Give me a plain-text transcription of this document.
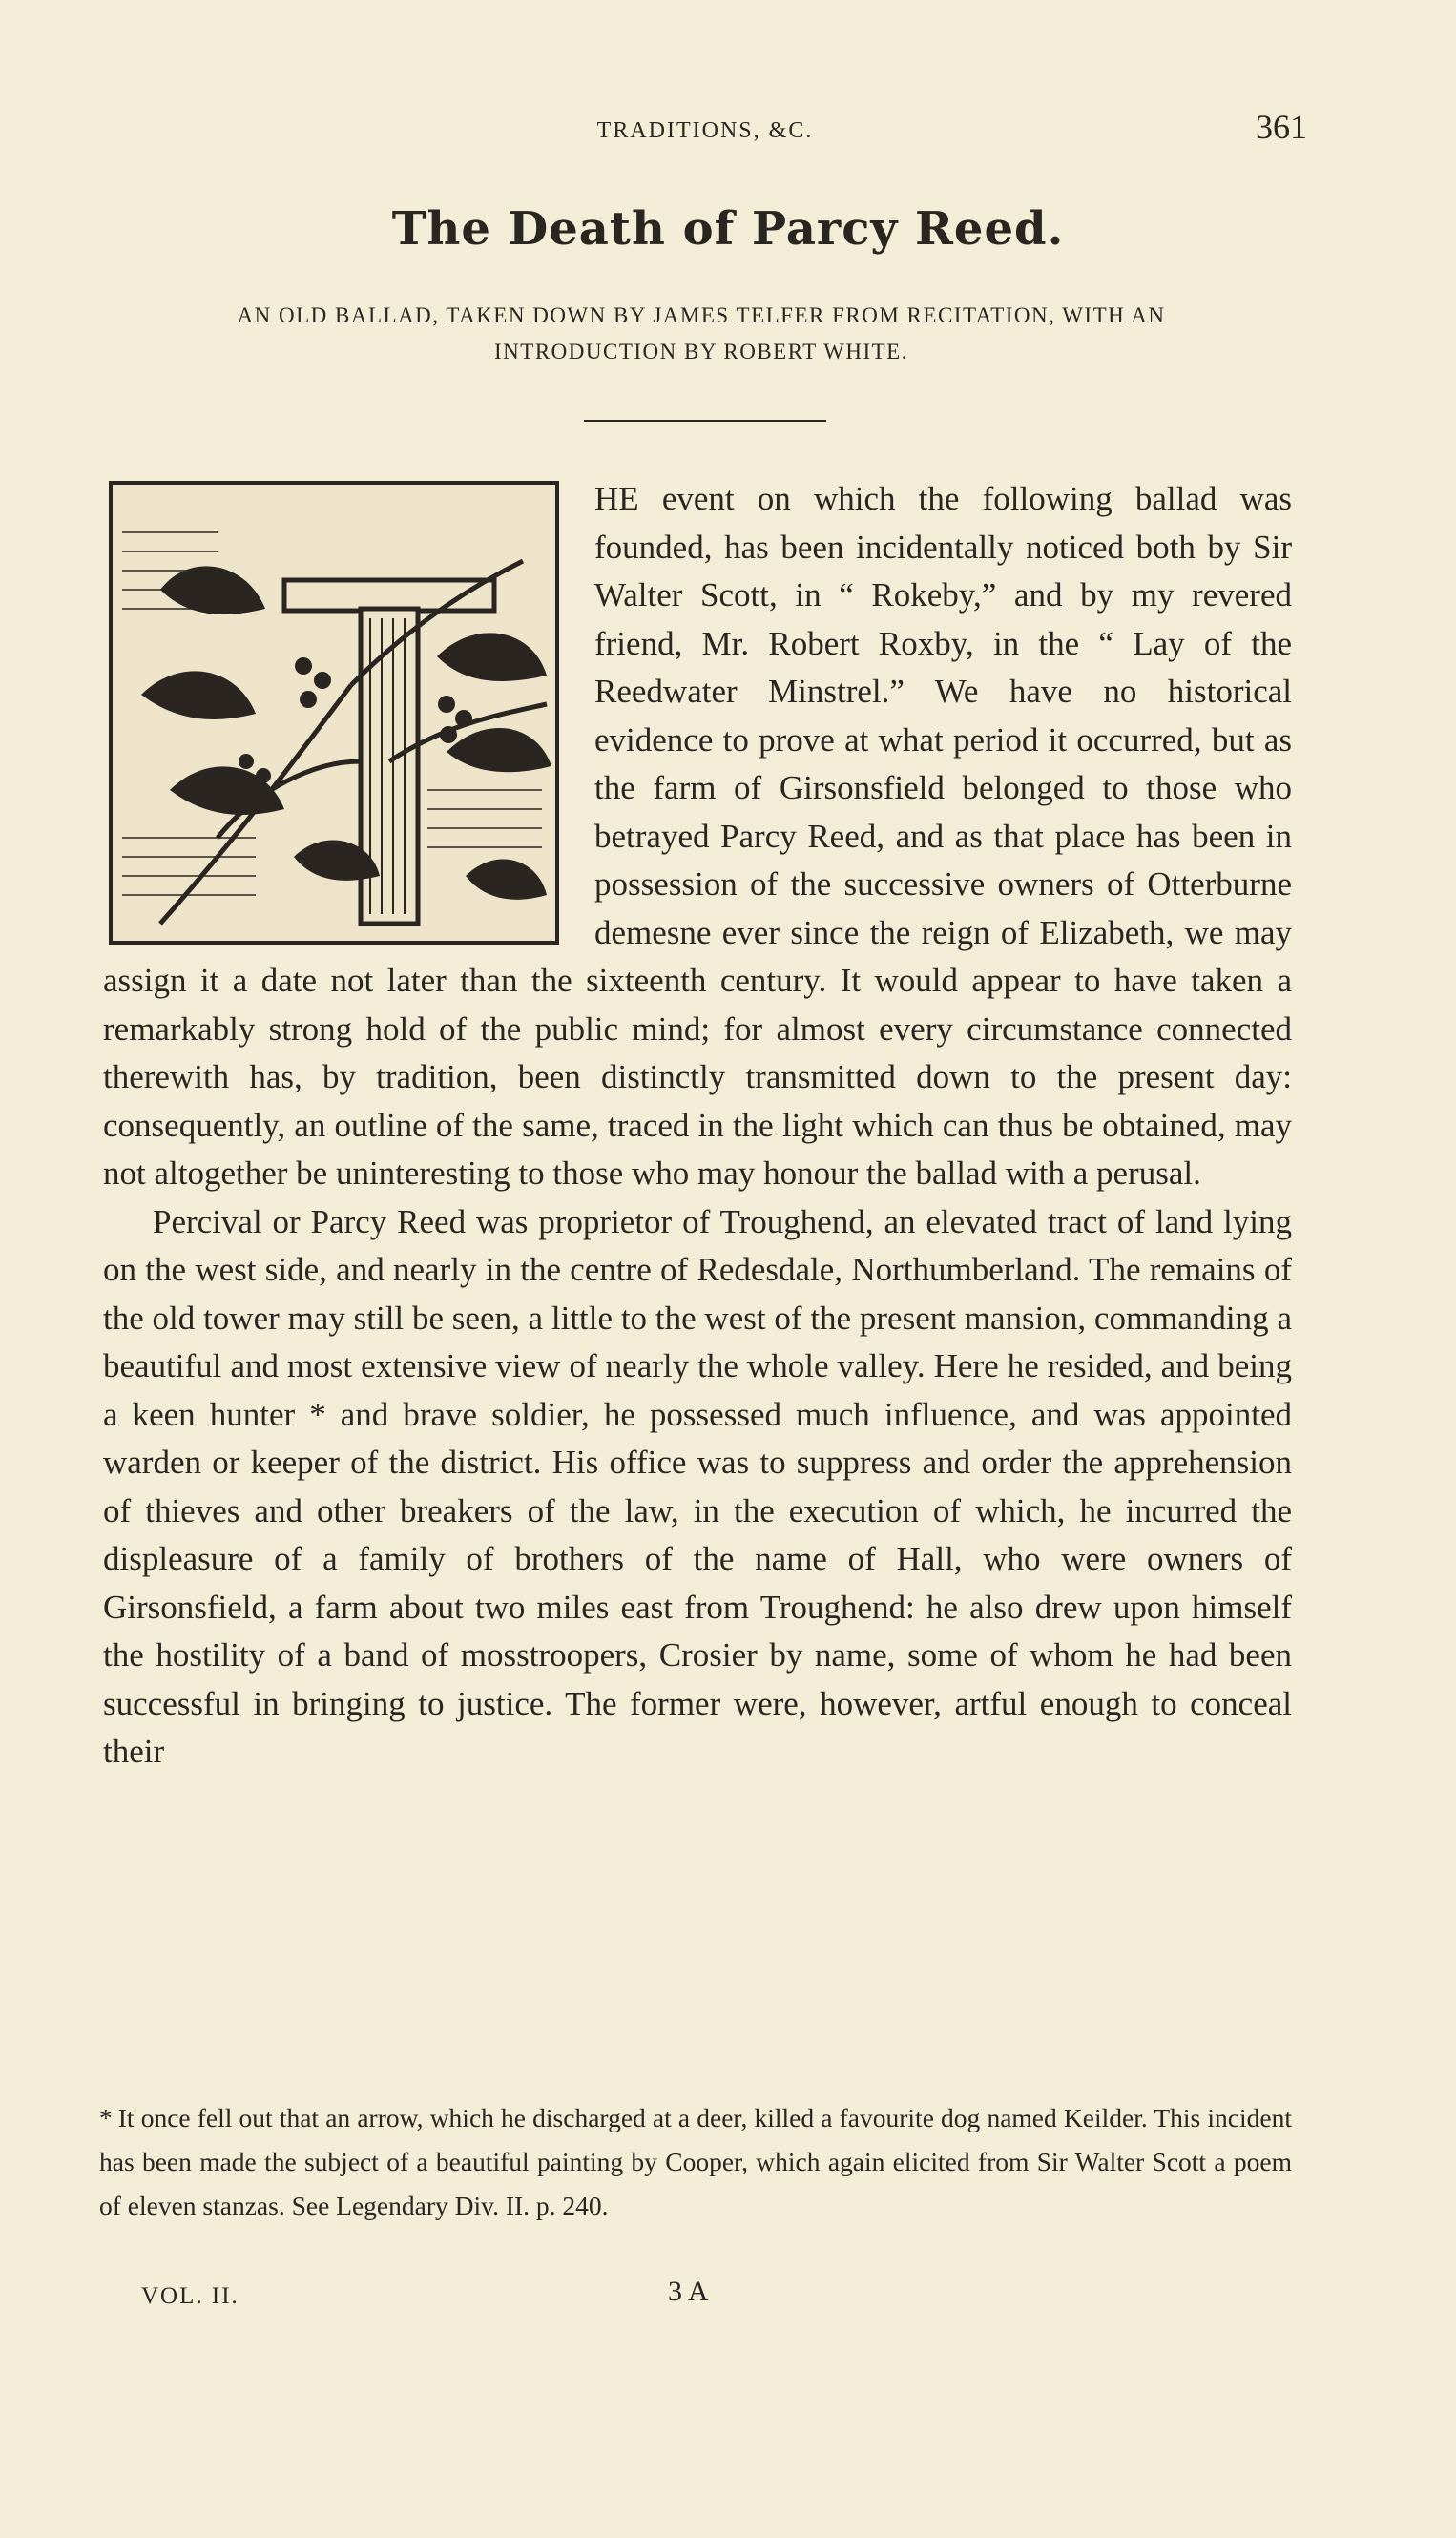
TRADITIONS, &C.	361
The Death of Parcy Reed.
AN OLD BALLAD, TAKEN DOWN BY JAMES TELFER FROM RECITATION, WITH AN INTRODUCTION BY ROBERT WHITE.

HE event on which the following ballad was founded, has been incidentally noticed both by Sir Walter Scott, in “ Rokeby,” and by my revered friend, Mr. Robert Roxby, in the “ Lay of the Reedwater Minstrel.” We have no historical evidence to prove at what period it occurred, but as the farm of Girsonsfield belonged to those who betrayed Parcy Reed, and as that place has been in possession of the successive owners of Otterburne demesne ever since the reign of Elizabeth, we may assign it a date not later than the sixteenth century. It would appear to have taken a remarkably strong hold of the public mind; for almost every circumstance connected therewith has, by tradition, been distinctly transmitted down to the present day: consequently, an outline of the same, traced in the light which can thus be obtained, may not altogether be uninteresting to those who may honour the ballad with a perusal.

Percival or Parcy Reed was proprietor of Troughend, an elevated tract of land lying on the west side, and nearly in the centre of Redesdale, Northumberland. The remains of the old tower may still be seen, a little to the west of the present mansion, commanding a beautiful and most extensive view of nearly the whole valley. Here he resided, and being a keen hunter * and brave soldier, he possessed much influence, and was appointed warden or keeper of the district. His office was to suppress and order the apprehension of thieves and other breakers of the law, in the execution of which, he incurred the displeasure of a family of brothers of the name of Hall, who were owners of Girsonsfield, a farm about two miles east from Troughend: he also drew upon himself the hostility of a band of mosstroopers, Crosier by name, some of whom he had been successful in bringing to justice. The former were, however, artful enough to conceal their

* It once fell out that an arrow, which he discharged at a deer, killed a favourite dog named Keilder. This incident has been made the subject of a beautiful painting by Cooper, which again elicited from Sir Walter Scott a poem of eleven stanzas. See Legendary Div. II. p. 240.
VOL. II.	3 A
